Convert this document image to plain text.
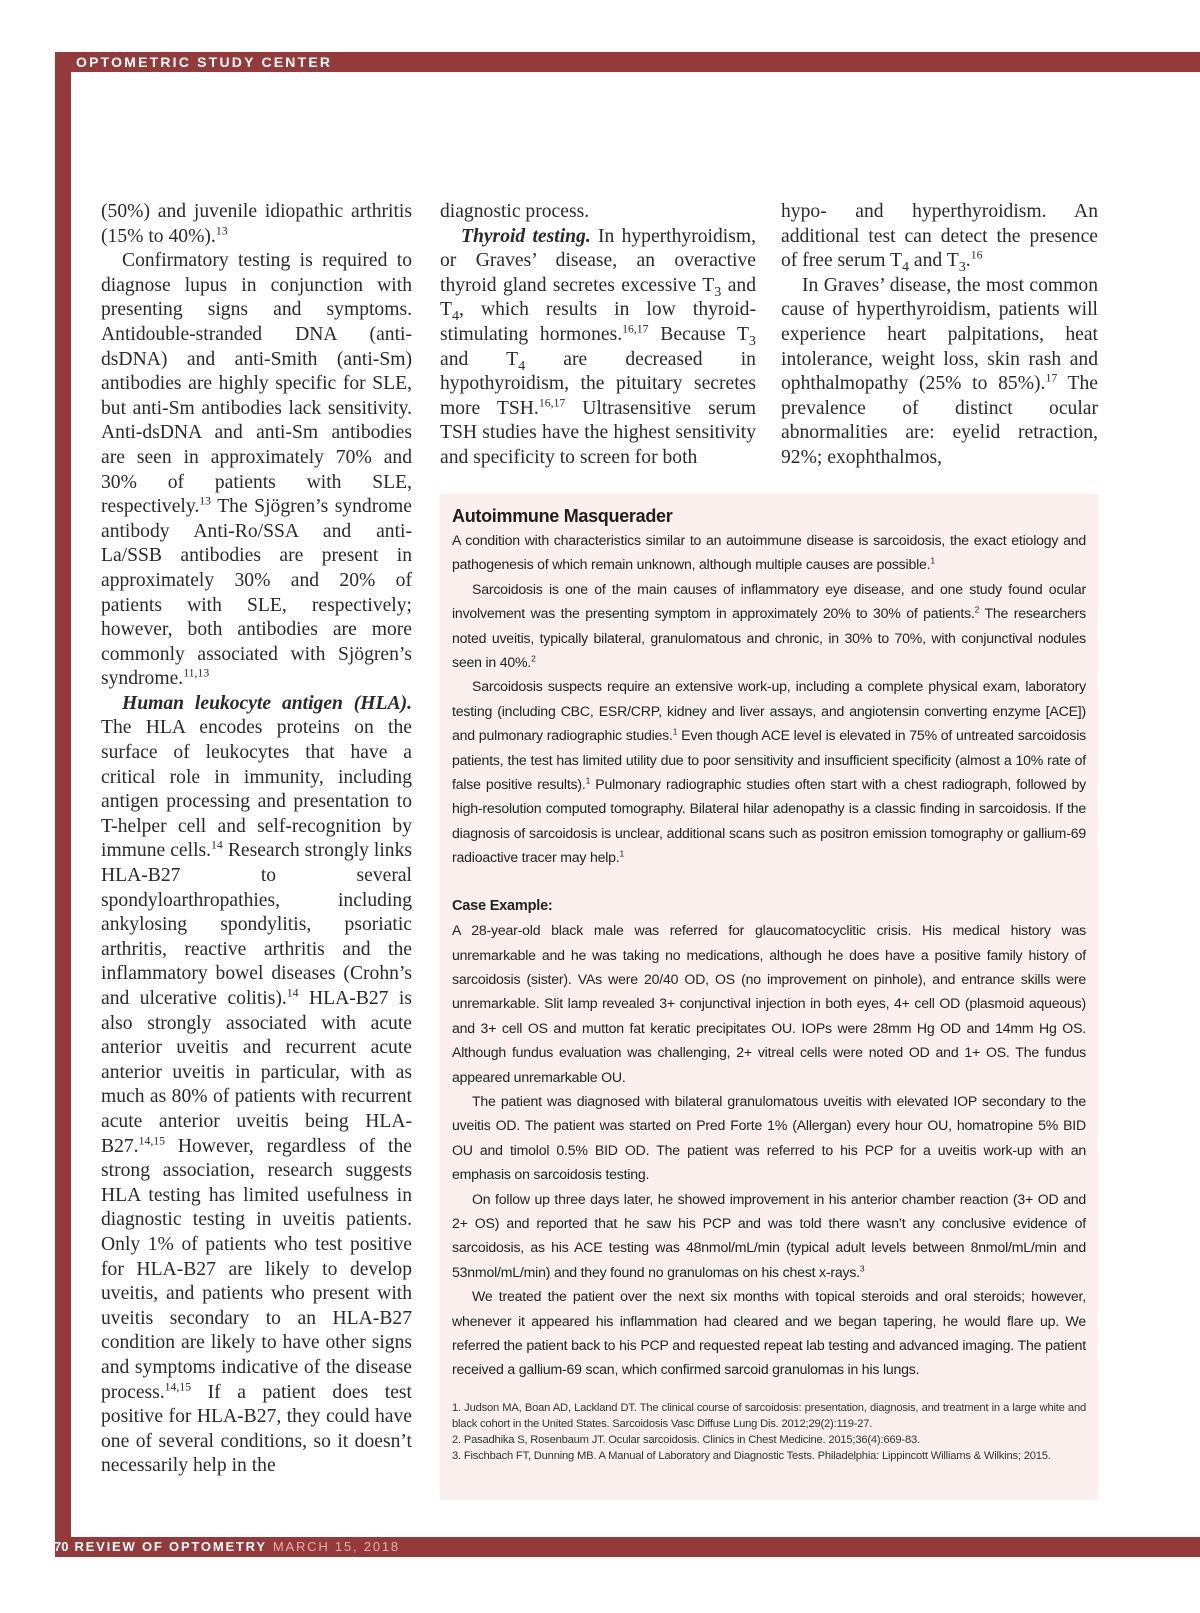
OPTOMETRIC STUDY CENTER

(50%) and juvenile idiopathic arthritis (15% to 40%).$^{13}$

Confirmatory testing is required to diagnose lupus in conjunction with presenting signs and symptoms. Antidouble-stranded DNA (anti-dsDNA) and anti-Smith (anti-Sm) antibodies are highly specific for SLE, but anti-Sm antibodies lack sensitivity. Anti-dsDNA and anti-Sm antibodies are seen in approximately 70% and 30% of patients with SLE, respectively.$^{13}$ The Sjögren’s syndrome antibody Anti-Ro/SSA and anti-La/SSB antibodies are present in approximately 30% and 20% of patients with SLE, respectively; however, both antibodies are more commonly associated with Sjögren’s syndrome.$^{11,13}$

Human leukocyte antigen (HLA). The HLA encodes proteins on the surface of leukocytes that have a critical role in immunity, including antigen processing and presentation to T-helper cell and self-recognition by immune cells.$^{14}$ Research strongly links HLA-B27 to several spondyloarthropathies, including ankylosing spondylitis, psoriatic arthritis, reactive arthritis and the inflammatory bowel diseases (Crohn’s and ulcerative colitis).$^{14}$ HLA-B27 is also strongly associated with acute anterior uveitis and recurrent acute anterior uveitis in particular, with as much as 80% of patients with recurrent acute anterior uveitis being HLA-B27.$^{14,15}$ However, regardless of the strong association, research suggests HLA testing has limited usefulness in diagnostic testing in uveitis patients. Only 1% of patients who test positive for HLA-B27 are likely to develop uveitis, and patients who present with uveitis secondary to an HLA-B27 condition are likely to have other signs and symptoms indicative of the disease process.$^{14,15}$ If a patient does test positive for HLA-B27, they could have one of several conditions, so it doesn’t necessarily help in the

diagnostic process.

Thyroid testing. In hyperthyroidism, or Graves’ disease, an overactive thyroid gland secretes excessive $T_3$ and $T_4$, which results in low thyroid-stimulating hormones.$^{16,17}$ Because $T_3$ and $T_4$ are decreased in hypothyroidism, the pituitary secretes more TSH.$^{16,17}$ Ultrasensitive serum TSH studies have the highest sensitivity and specificity to screen for both

hypo- and hyperthyroidism. An additional test can detect the presence of free serum $T_4$ and $T_3.^{16}$

In Graves’ disease, the most common cause of hyperthyroidism, patients will experience heart palpitations, heat intolerance, weight loss, skin rash and ophthalmopathy (25% to 85%).$^{17}$ The prevalence of distinct ocular abnormalities are: eyelid retraction, 92%; exophthalmos,

Autoimmune Masquerader

A condition with characteristics similar to an autoimmune disease is sarcoidosis, the exact etiology and pathogenesis of which remain unknown, although multiple causes are possible.$^1$

Sarcoidosis is one of the main causes of inflammatory eye disease, and one study found ocular involvement was the presenting symptom in approximately 20% to 30% of patients.$^2$ The researchers noted uveitis, typically bilateral, granulomatous and chronic, in 30% to 70%, with conjunctival nodules seen in 40%.$^2$

Sarcoidosis suspects require an extensive work-up, including a complete physical exam, laboratory testing (including CBC, ESR/CRP, kidney and liver assays, and angiotensin converting enzyme [ACE]) and pulmonary radiographic studies.$^1$ Even though ACE level is elevated in 75% of untreated sarcoidosis patients, the test has limited utility due to poor sensitivity and insufficient specificity (almost a 10% rate of false positive results).$^1$ Pulmonary radiographic studies often start with a chest radiograph, followed by high-resolution computed tomography. Bilateral hilar adenopathy is a classic finding in sarcoidosis. If the diagnosis of sarcoidosis is unclear, additional scans such as positron emission tomography or gallium-69 radioactive tracer may help.$^1$

Case Example:

A 28-year-old black male was referred for glaucomatocyclitic crisis. His medical history was unremarkable and he was taking no medications, although he does have a positive family history of sarcoidosis (sister). VAs were 20/40 OD, OS (no improvement on pinhole), and entrance skills were unremarkable. Slit lamp revealed 3+ conjunctival injection in both eyes, 4+ cell OD (plasmoid aqueous) and 3+ cell OS and mutton fat keratic precipitates OU. IOPs were 28mm Hg OD and 14mm Hg OS. Although fundus evaluation was challenging, 2+ vitreal cells were noted OD and 1+ OS. The fundus appeared unremarkable OU.

The patient was diagnosed with bilateral granulomatous uveitis with elevated IOP secondary to the uveitis OD. The patient was started on Pred Forte 1% (Allergan) every hour OU, homatropine 5% BID OU and timolol 0.5% BID OD. The patient was referred to his PCP for a uveitis work-up with an emphasis on sarcoidosis testing.

On follow up three days later, he showed improvement in his anterior chamber reaction (3+ OD and 2+ OS) and reported that he saw his PCP and was told there wasn’t any conclusive evidence of sarcoidosis, as his ACE testing was 48nmol/mL/min (typical adult levels between 8nmol/mL/min and 53nmol/mL/min) and they found no granulomas on his chest x-rays.$^3$

We treated the patient over the next six months with topical steroids and oral steroids; however, whenever it appeared his inflammation had cleared and we began tapering, he would flare up. We referred the patient back to his PCP and requested repeat lab testing and advanced imaging. The patient received a gallium-69 scan, which confirmed sarcoid granulomas in his lungs.

1. Judson MA, Boan AD, Lackland DT. The clinical course of sarcoidosis: presentation, diagnosis, and treatment in a large white and black cohort in the United States. Sarcoidosis Vasc Diffuse Lung Dis. 2012;29(2):119-27.
2. Pasadhika S, Rosenbaum JT. Ocular sarcoidosis. Clinics in Chest Medicine. 2015;36(4):669-83.
3. Fischbach FT, Dunning MB. A Manual of Laboratory and Diagnostic Tests. Philadelphia: Lippincott Williams & Wilkins; 2015.
70 REVIEW OF OPTOMETRY MARCH 15, 2018
